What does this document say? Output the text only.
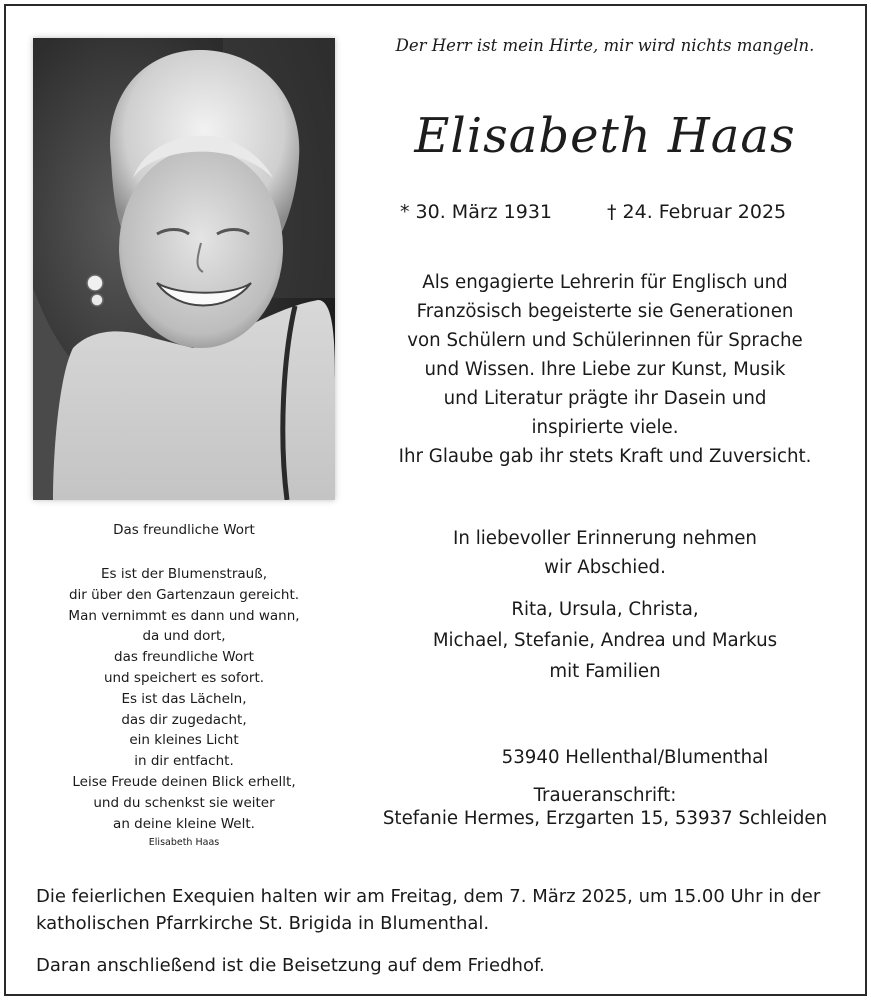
Der Herr ist mein Hirte, mir wird nichts mangeln.
Elisabeth Haas
* 30. März 1931	† 24. Februar 2025
Als engagierte Lehrerin für Englisch und
Französisch begeisterte sie Generationen
von Schülern und Schülerinnen für Sprache
und Wissen. Ihre Liebe zur Kunst, Musik
und Literatur prägte ihr Dasein und
inspirierte viele.
Ihr Glaube gab ihr stets Kraft und Zuversicht.
In liebevoller Erinnerung nehmen
wir Abschied.
Rita, Ursula, Christa,
Michael, Stefanie, Andrea und Markus
mit Familien
53940 Hellenthal/Blumenthal
Traueranschrift:
Stefanie Hermes, Erzgarten 15, 53937 Schleiden
Das freundliche Wort
Es ist der Blumenstrauß,
dir über den Gartenzaun gereicht.
Man vernimmt es dann und wann,
da und dort,
das freundliche Wort
und speichert es sofort.
Es ist das Lächeln,
das dir zugedacht,
ein kleines Licht
in dir entfacht.
Leise Freude deinen Blick erhellt,
und du schenkst sie weiter
an deine kleine Welt.
Elisabeth Haas
Die feierlichen Exequien halten wir am Freitag, dem 7. März 2025, um 15.00 Uhr in der
katholischen Pfarrkirche St. Brigida in Blumenthal.
Daran anschließend ist die Beisetzung auf dem Friedhof.
